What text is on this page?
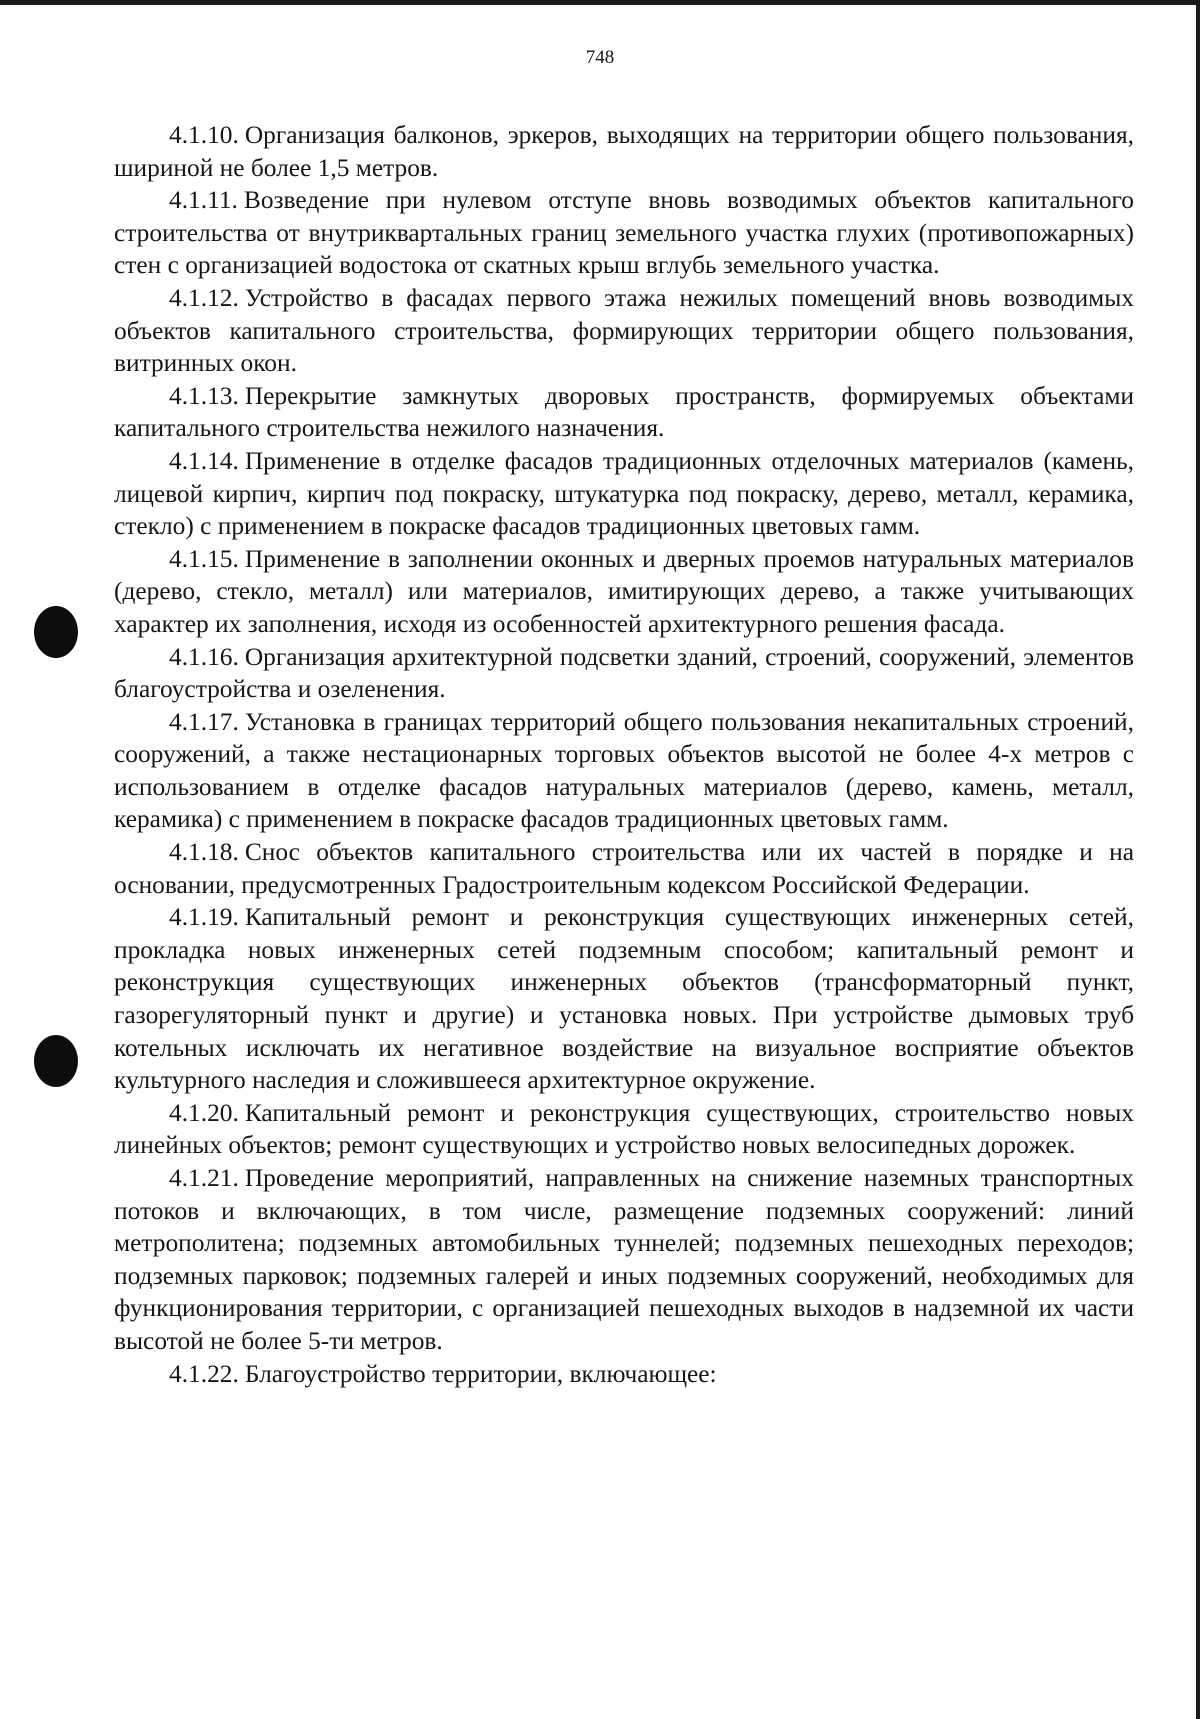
748

4.1.10. Организация балконов, эркеров, выходящих на территории общего пользования, шириной не более 1,5 метров.

4.1.11. Возведение при нулевом отступе вновь возводимых объектов капитального строительства от внутриквартальных границ земельного участка глухих (противопожарных) стен с организацией водостока от скатных крыш вглубь земельного участка.

4.1.12. Устройство в фасадах первого этажа нежилых помещений вновь возводимых объектов капитального строительства, формирующих территории общего пользования, витринных окон.

4.1.13. Перекрытие замкнутых дворовых пространств, формируемых объектами капитального строительства нежилого назначения.

4.1.14. Применение в отделке фасадов традиционных отделочных материалов (камень, лицевой кирпич, кирпич под покраску, штукатурка под покраску, дерево, металл, керамика, стекло) с применением в покраске фасадов традиционных цветовых гамм.

4.1.15. Применение в заполнении оконных и дверных проемов натуральных материалов (дерево, стекло, металл) или материалов, имитирующих дерево, а также учитывающих характер их заполнения, исходя из особенностей архитектурного решения фасада.

4.1.16. Организация архитектурной подсветки зданий, строений, сооружений, элементов благоустройства и озеленения.

4.1.17. Установка в границах территорий общего пользования некапитальных строений, сооружений, а также нестационарных торговых объектов высотой не более 4-х метров с использованием в отделке фасадов натуральных материалов (дерево, камень, металл, керамика) с применением в покраске фасадов традиционных цветовых гамм.

4.1.18. Снос объектов капитального строительства или их частей в порядке и на основании, предусмотренных Градостроительным кодексом Российской Федерации.

4.1.19. Капитальный ремонт и реконструкция существующих инженерных сетей, прокладка новых инженерных сетей подземным способом; капитальный ремонт и реконструкция существующих инженерных объектов (трансформаторный пункт, газорегуляторный пункт и другие) и установка новых. При устройстве дымовых труб котельных исключать их негативное воздействие на визуальное восприятие объектов культурного наследия и сложившееся архитектурное окружение.

4.1.20. Капитальный ремонт и реконструкция существующих, строительство новых линейных объектов; ремонт существующих и устройство новых велосипедных дорожек.

4.1.21. Проведение мероприятий, направленных на снижение наземных транспортных потоков и включающих, в том числе, размещение подземных сооружений: линий метрополитена; подземных автомобильных туннелей; подземных пешеходных переходов; подземных парковок; подземных галерей и иных подземных сооружений, необходимых для функционирования территории, с организацией пешеходных выходов в надземной их части высотой не более 5-ти метров.

4.1.22. Благоустройство территории, включающее:
